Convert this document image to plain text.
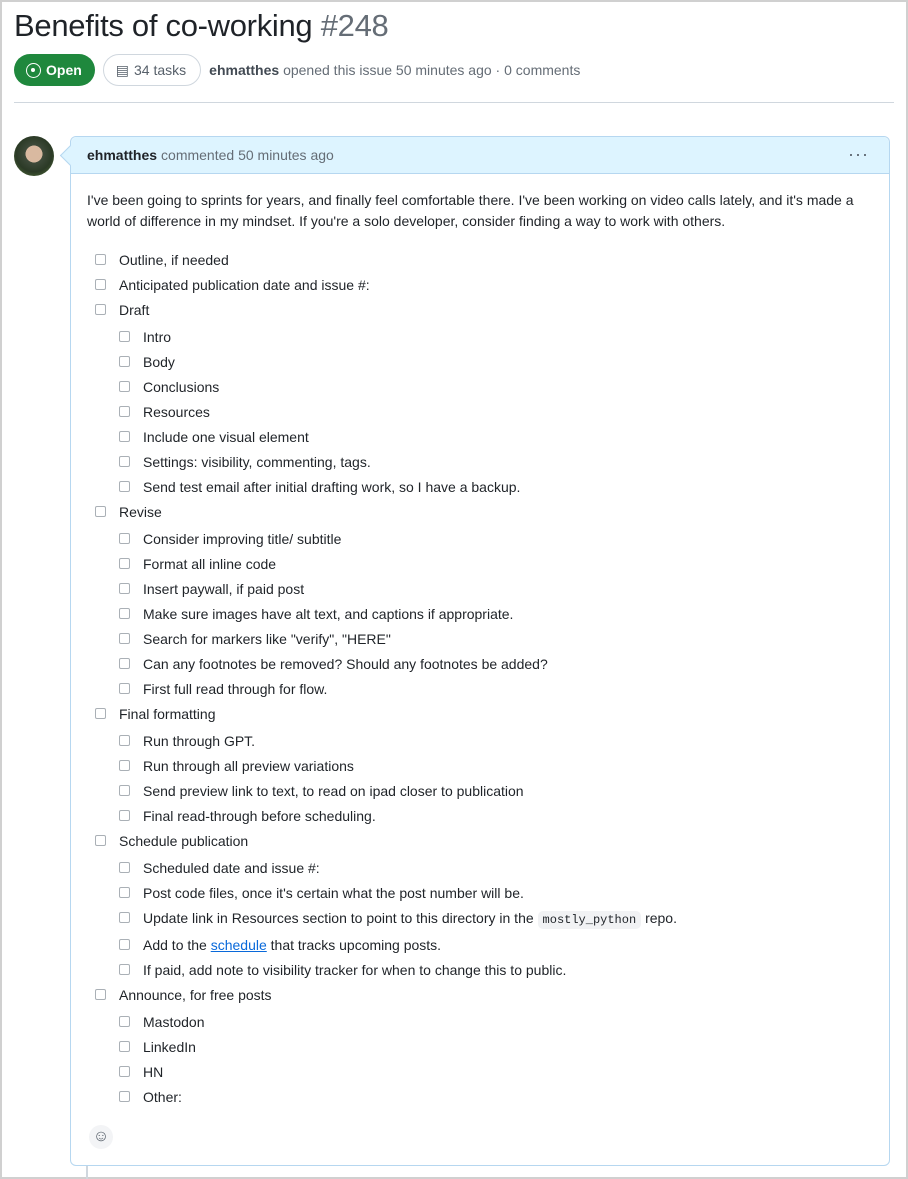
Benefits of co-working #248
Open ▤ 34 tasks ehmatthes opened this issue 50 minutes ago · 0 comments
ehmatthes commented 50 minutes ago	···

I've been going to sprints for years, and finally feel comfortable there. I've been working on video calls lately, and it's made a world of difference in my mindset. If you're a solo developer, consider finding a way to work with others.

Outline, if needed
Anticipated publication date and issue #:
Draft
Intro
Body
Conclusions
Resources
Include one visual element
Settings: visibility, commenting, tags.
Send test email after initial drafting work, so I have a backup.
Revise
Consider improving title/ subtitle
Format all inline code
Insert paywall, if paid post
Make sure images have alt text, and captions if appropriate.
Search for markers like "verify", "HERE"
Can any footnotes be removed? Should any footnotes be added?
First full read through for flow.
Final formatting
Run through GPT.
Run through all preview variations
Send preview link to text, to read on ipad closer to publication
Final read-through before scheduling.
Schedule publication
Scheduled date and issue #:
Post code files, once it's certain what the post number will be.
Update link in Resources section to point to this directory in the mostly_python repo.
Add to the schedule that tracks upcoming posts.
If paid, add note to visibility tracker for when to change this to public.
Announce, for free posts
Mastodon
LinkedIn
HN
Other:
☺
